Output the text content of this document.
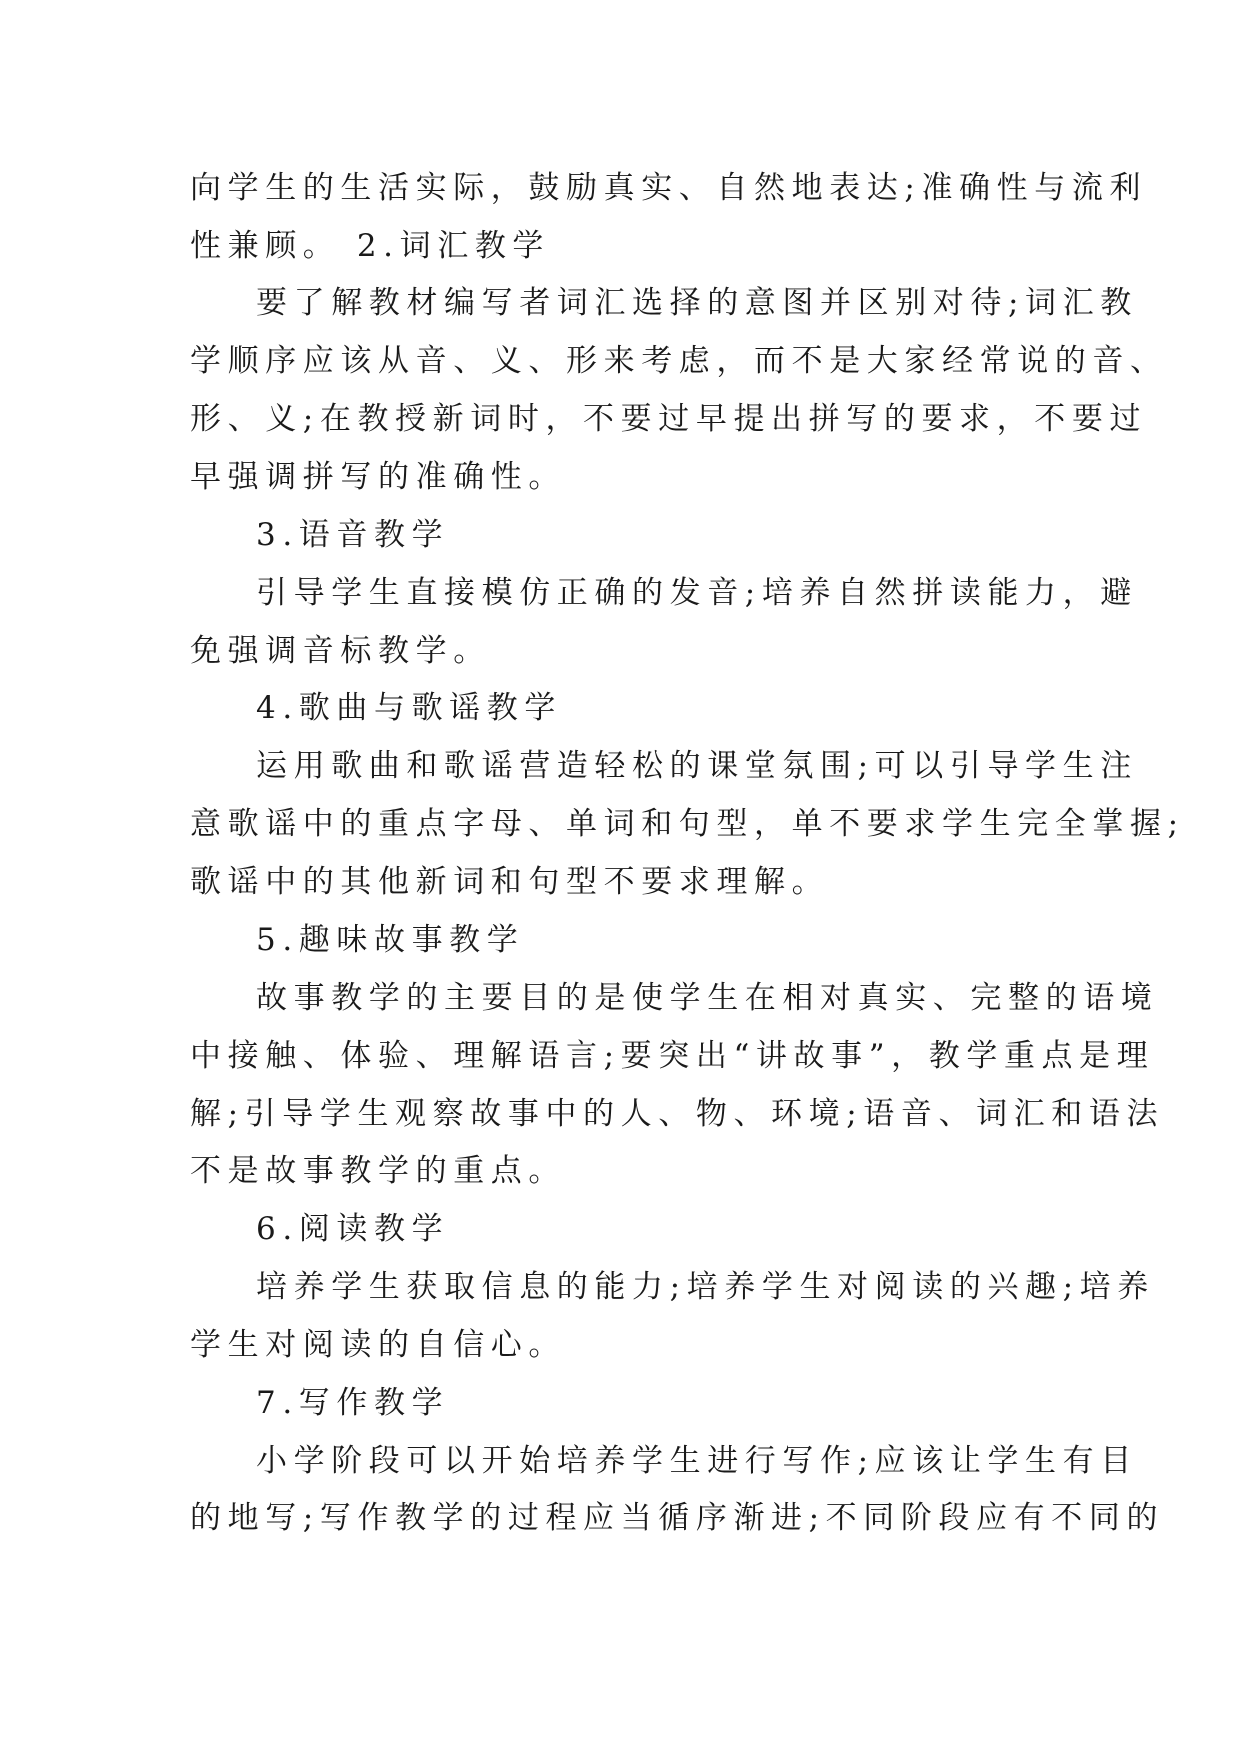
向学生的生活实际，鼓励真实、自然地表达;准确性与流利
性兼顾。 2.词汇教学
要了解教材编写者词汇选择的意图并区别对待;词汇教
学顺序应该从音、义、形来考虑，而不是大家经常说的音、
形、义;在教授新词时，不要过早提出拼写的要求，不要过
早强调拼写的准确性。
3.语音教学
引导学生直接模仿正确的发音;培养自然拼读能力，避
免强调音标教学。
4.歌曲与歌谣教学
运用歌曲和歌谣营造轻松的课堂氛围;可以引导学生注
意歌谣中的重点字母、单词和句型，单不要求学生完全掌握;
歌谣中的其他新词和句型不要求理解。
5.趣味故事教学
故事教学的主要目的是使学生在相对真实、完整的语境
中接触、体验、理解语言;要突出“讲故事”，教学重点是理
解;引导学生观察故事中的人、物、环境;语音、词汇和语法
不是故事教学的重点。
6.阅读教学
培养学生获取信息的能力;培养学生对阅读的兴趣;培养
学生对阅读的自信心。
7.写作教学
小学阶段可以开始培养学生进行写作;应该让学生有目
的地写;写作教学的过程应当循序渐进;不同阶段应有不同的
